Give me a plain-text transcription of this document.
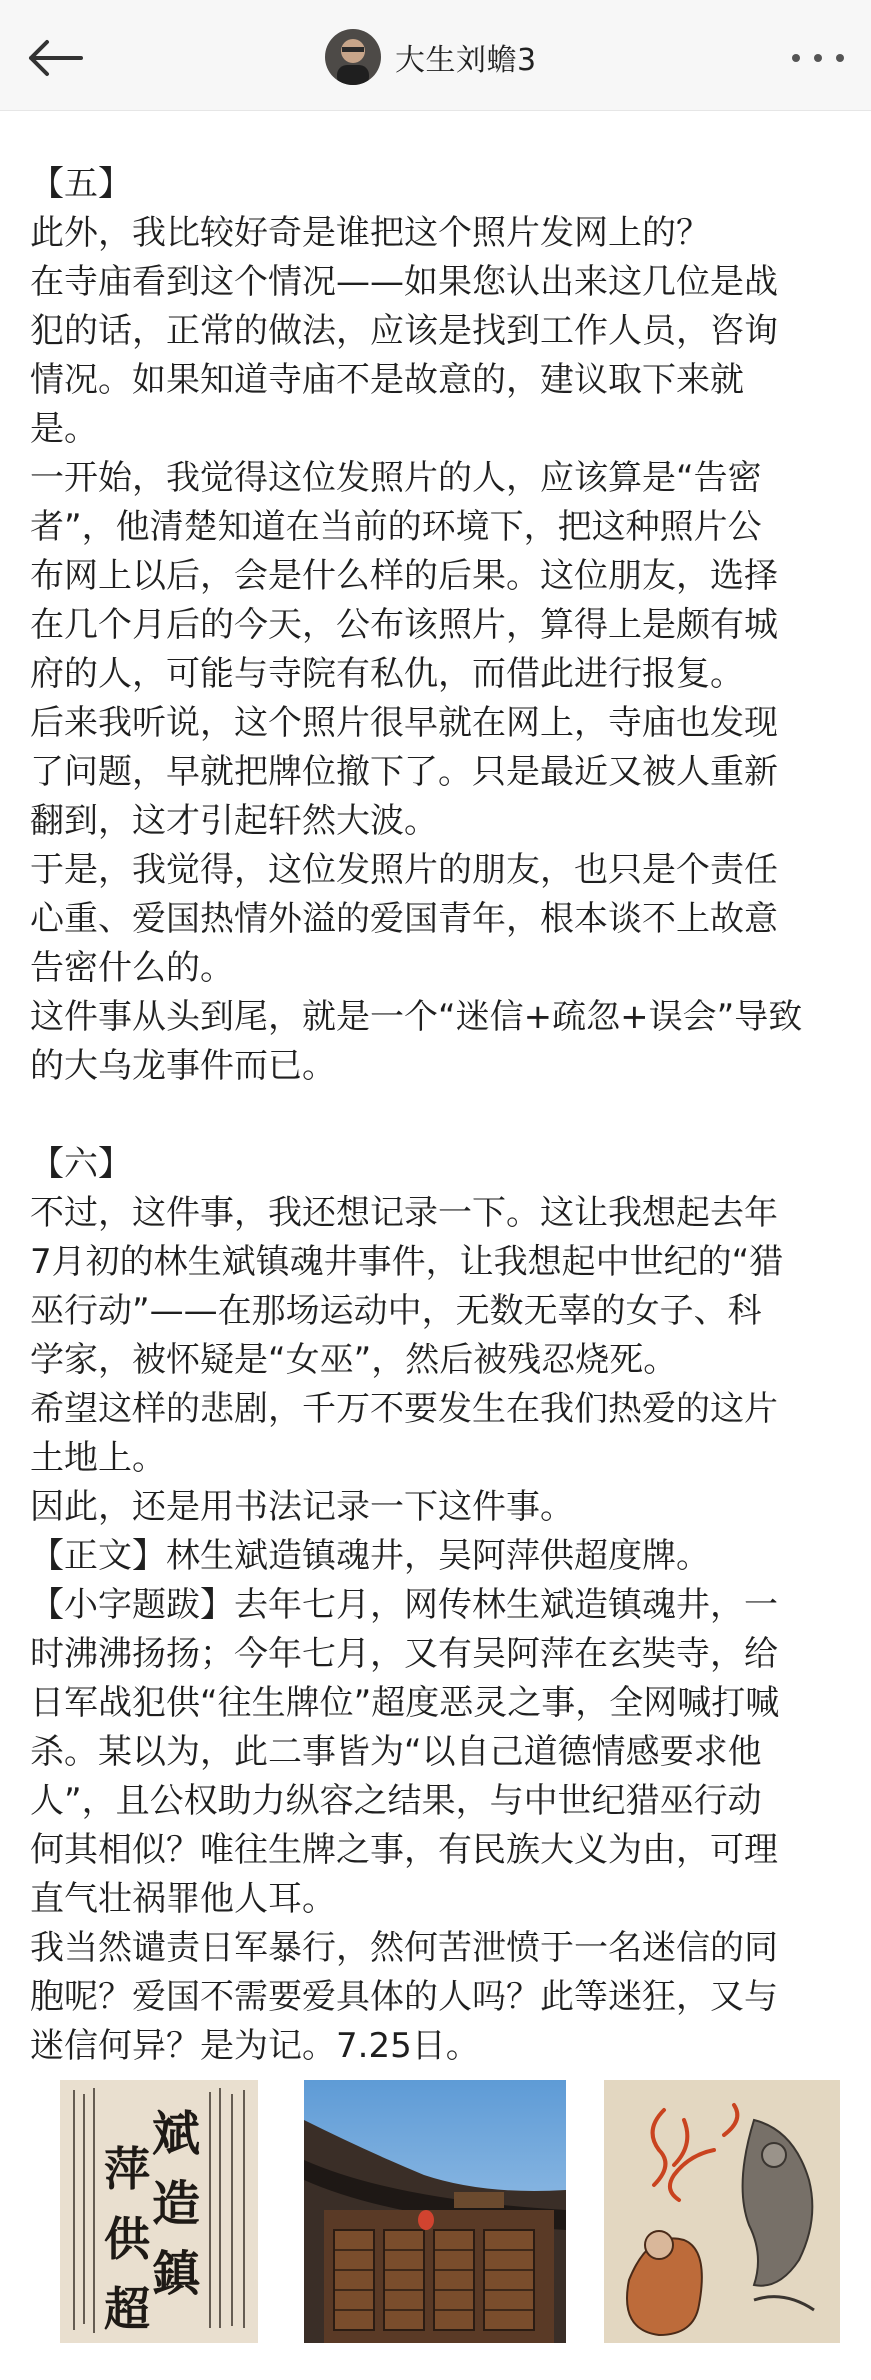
大生刘蟾3
【五】
此外，我比较好奇是谁把这个照片发网上的？
在寺庙看到这个情况——如果您认出来这几位是战
犯的话，正常的做法，应该是找到工作人员，咨询
情况。如果知道寺庙不是故意的，建议取下来就
是。
一开始，我觉得这位发照片的人，应该算是“告密
者”，他清楚知道在当前的环境下，把这种照片公
布网上以后，会是什么样的后果。这位朋友，选择
在几个月后的今天，公布该照片，算得上是颇有城
府的人，可能与寺院有私仇，而借此进行报复。
后来我听说，这个照片很早就在网上，寺庙也发现
了问题，早就把牌位撤下了。只是最近又被人重新
翻到，这才引起轩然大波。
于是，我觉得，这位发照片的朋友，也只是个责任
心重、爱国热情外溢的爱国青年，根本谈不上故意
告密什么的。
这件事从头到尾，就是一个“迷信+疏忽+误会”导致
的大乌龙事件而已。
【六】
不过，这件事，我还想记录一下。这让我想起去年
7月初的林生斌镇魂井事件，让我想起中世纪的“猎
巫行动”——在那场运动中，无数无辜的女子、科
学家，被怀疑是“女巫”，然后被残忍烧死。
希望这样的悲剧，千万不要发生在我们热爱的这片
土地上。
因此，还是用书法记录一下这件事。
【正文】林生斌造镇魂井，吴阿萍供超度牌。
【小字题跋】去年七月，网传林生斌造镇魂井，一
时沸沸扬扬；今年七月，又有吴阿萍在玄奘寺，给
日军战犯供“往生牌位”超度恶灵之事，全网喊打喊
杀。某以为，此二事皆为“以自己道德情感要求他
人”，且公权助力纵容之结果，与中世纪猎巫行动
何其相似？唯往生牌之事，有民族大义为由，可理
直气壮祸罪他人耳。
我当然谴责日军暴行，然何苦泄愤于一名迷信的同
胞呢？爱国不需要爱具体的人吗？此等迷狂，又与
迷信何异？是为记。7.25日。
斌
造
鎮
萍
供
超
